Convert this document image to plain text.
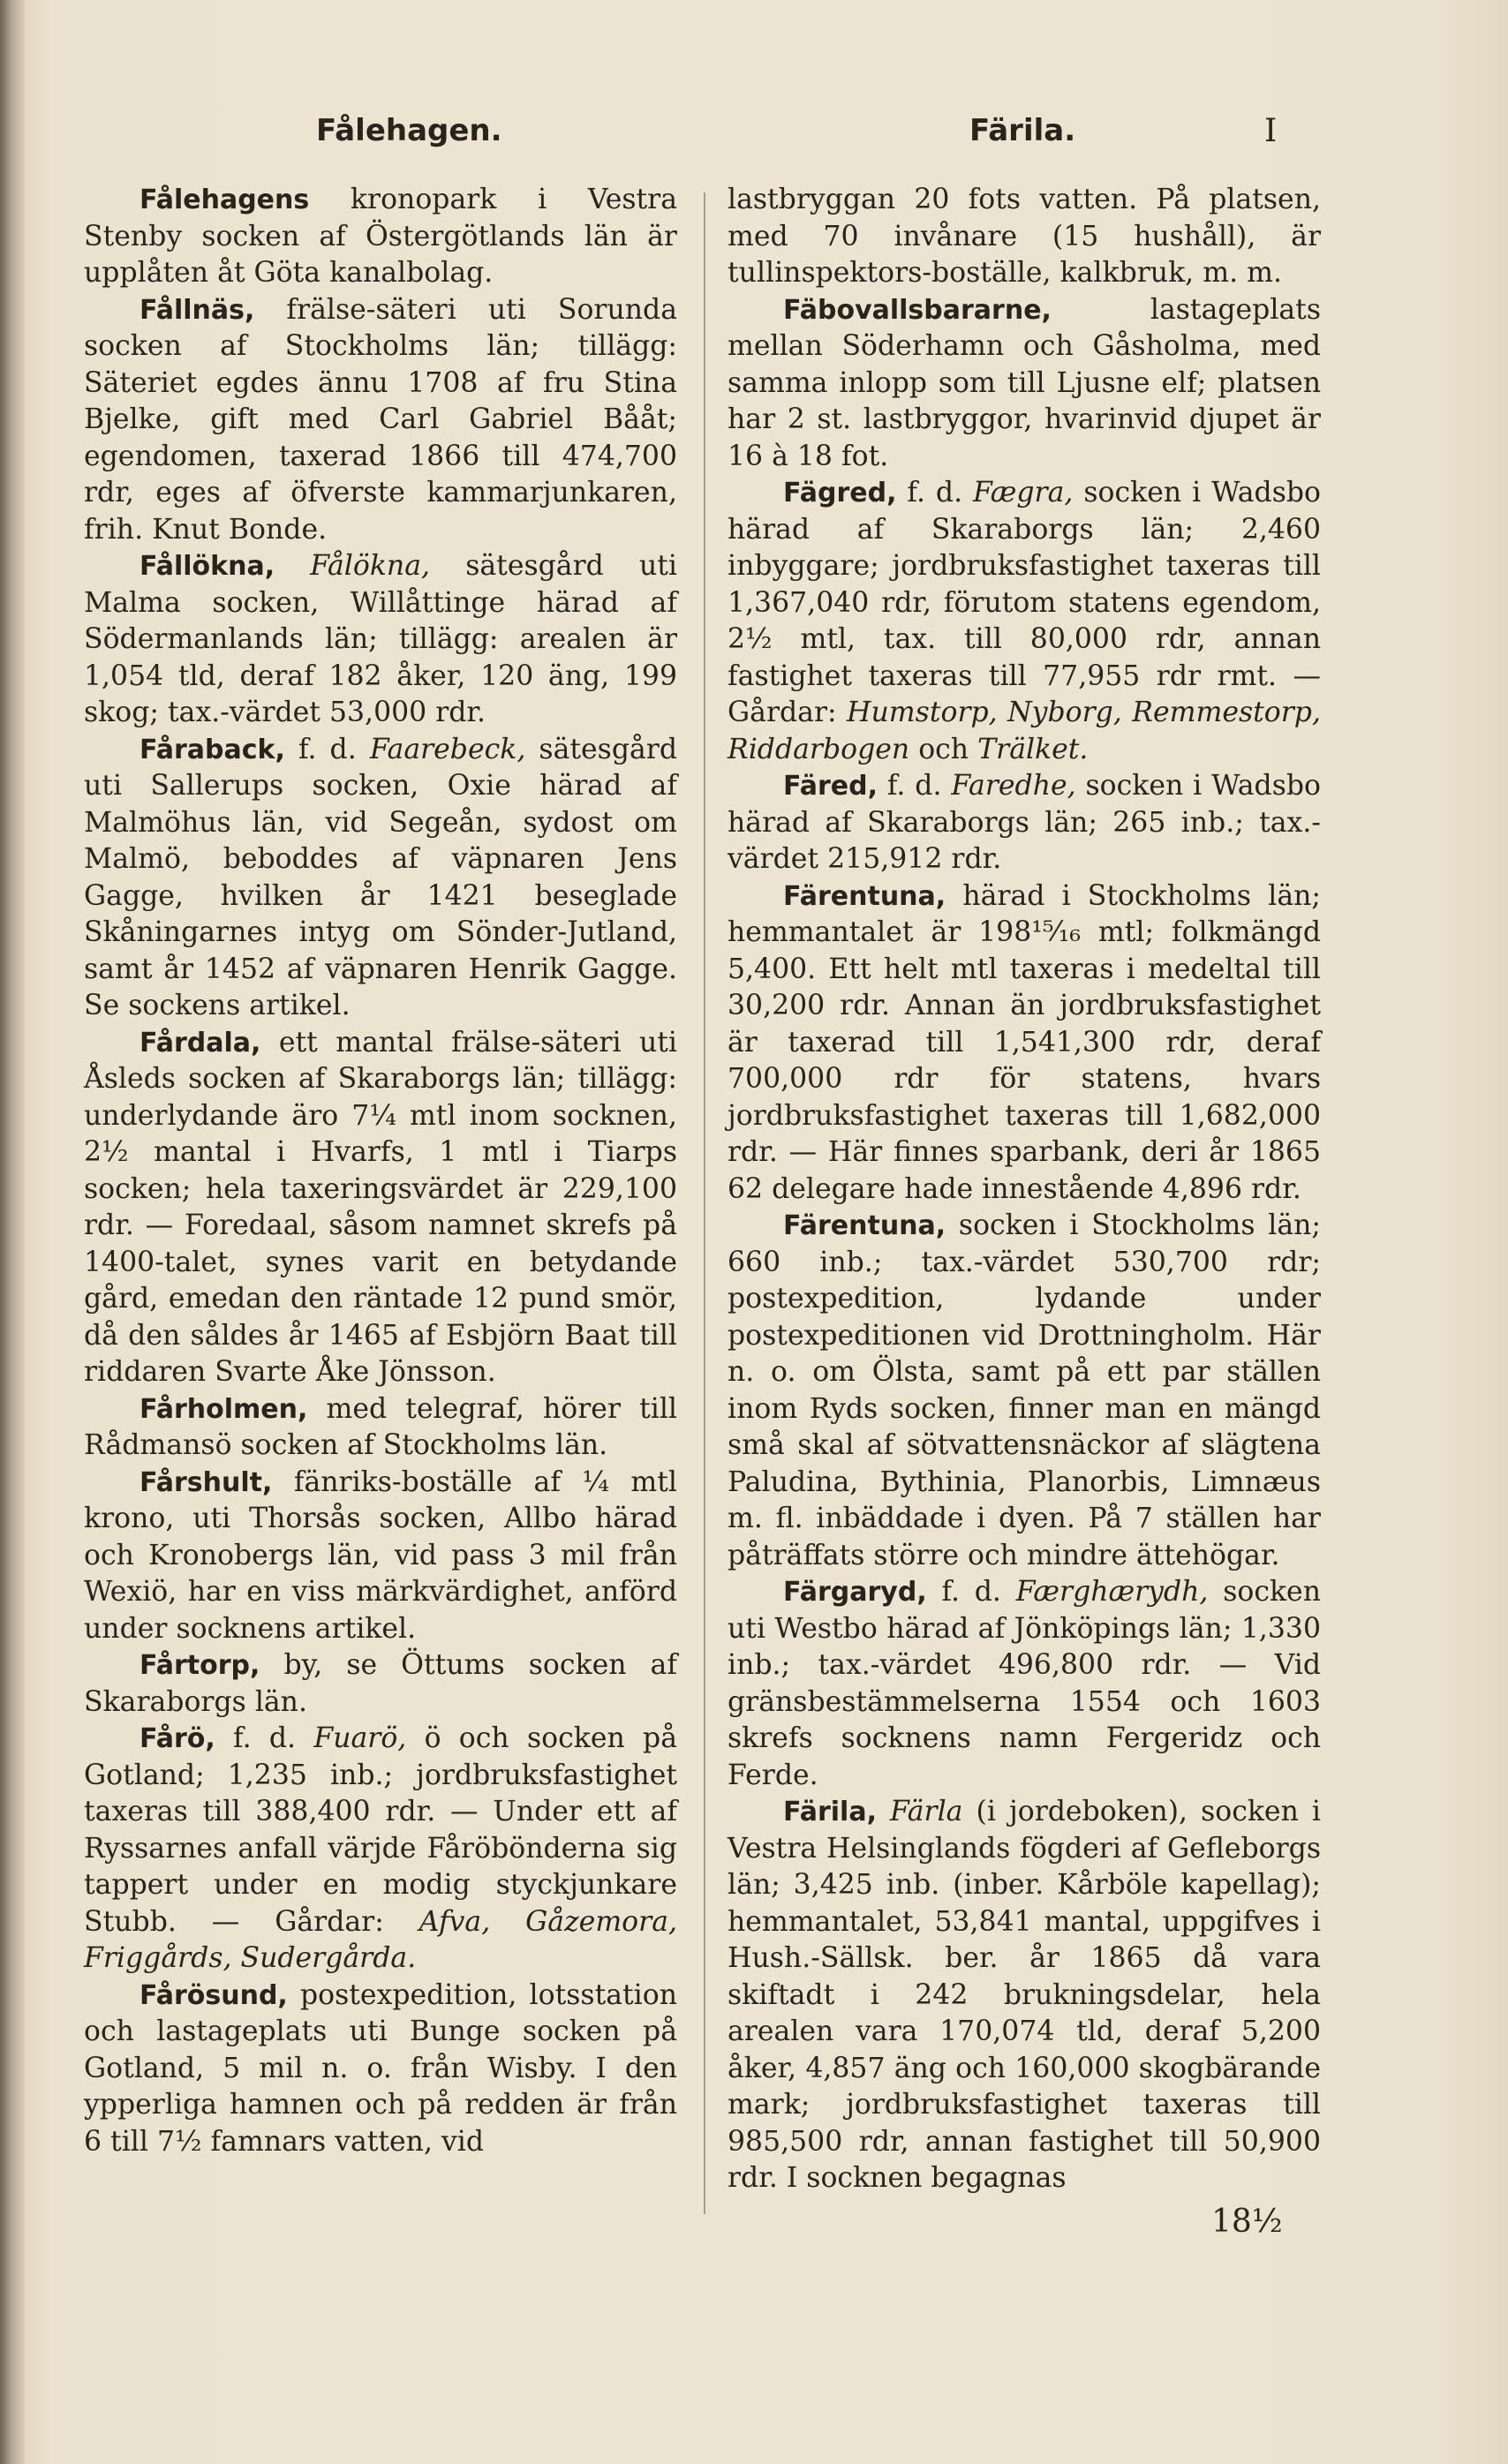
Fålehagen.	Färila.	I

Fålehagens kronopark i Vestra Stenby socken af Östergötlands län är upplåten åt Göta kanalbolag.

Fållnäs, frälse-säteri uti Sorunda socken af Stockholms län; tillägg: Säteriet egdes ännu 1708 af fru Stina Bjelke, gift med Carl Gabriel Bååt; egendomen, taxerad 1866 till 474,700 rdr, eges af öfverste kammarjunkaren, frih. Knut Bonde.

Fållökna, Fålökna, sätesgård uti Malma socken, Willåttinge härad af Södermanlands län; tillägg: arealen är 1,054 tld, deraf 182 åker, 120 äng, 199 skog; tax.-värdet 53,000 rdr.

Fåraback, f. d. Faarebeck, sätesgård uti Sallerups socken, Oxie härad af Malmöhus län, vid Segeån, sydost om Malmö, beboddes af väpnaren Jens Gagge, hvilken år 1421 beseglade Skåningarnes intyg om Sönder-Jutland, samt år 1452 af väpnaren Henrik Gagge. Se sockens artikel.

Fårdala, ett mantal frälse-säteri uti Åsleds socken af Skaraborgs län; tillägg: underlydande äro 7¼ mtl inom socknen, 2½ mantal i Hvarfs, 1 mtl i Tiarps socken; hela taxeringsvärdet är 229,100 rdr. — Foredaal, såsom namnet skrefs på 1400-talet, synes varit en betydande gård, emedan den räntade 12 pund smör, då den såldes år 1465 af Esbjörn Baat till riddaren Svarte Åke Jönsson.

Fårholmen, med telegraf, hörer till Rådmansö socken af Stockholms län.

Fårshult, fänriks-boställe af ¼ mtl krono, uti Thorsås socken, Allbo härad och Kronobergs län, vid pass 3 mil från Wexiö, har en viss märkvärdighet, anförd under socknens artikel.

Fårtorp, by, se Öttums socken af Skaraborgs län.

Fårö, f. d. Fuarö, ö och socken på Gotland; 1,235 inb.; jordbruksfastighet taxeras till 388,400 rdr. — Under ett af Ryssarnes anfall värjde Fåröbönderna sig tappert under en modig styckjunkare Stubb. — Gårdar: Afva, Gåzemora, Friggårds, Sudergårda.

Fårösund, postexpedition, lotsstation och lastageplats uti Bunge socken på Gotland, 5 mil n. o. från Wisby. I den ypperliga hamnen och på redden är från 6 till 7½ famnars vatten, vid

lastbryggan 20 fots vatten. På platsen, med 70 invånare (15 hushåll), är tullinspektors-boställe, kalkbruk, m. m.

Fäbovallsbararne, lastageplats mellan Söderhamn och Gåsholma, med samma inlopp som till Ljusne elf; platsen har 2 st. lastbryggor, hvarinvid djupet är 16 à 18 fot.

Fägred, f. d. Fægra, socken i Wadsbo härad af Skaraborgs län; 2,460 inbyggare; jordbruksfastighet taxeras till 1,367,040 rdr, förutom statens egendom, 2½ mtl, tax. till 80,000 rdr, annan fastighet taxeras till 77,955 rdr rmt. — Gårdar: Humstorp, Nyborg, Remmestorp, Riddarbogen och Trälket.

Färed, f. d. Faredhe, socken i Wadsbo härad af Skaraborgs län; 265 inb.; tax.-värdet 215,912 rdr.

Färentuna, härad i Stockholms län; hemmantalet är 198¹⁵⁄₁₆ mtl; folkmängd 5,400. Ett helt mtl taxeras i medeltal till 30,200 rdr. Annan än jordbruksfastighet är taxerad till 1,541,300 rdr, deraf 700,000 rdr för statens, hvars jordbruksfastighet taxeras till 1,682,000 rdr. — Här finnes sparbank, deri år 1865 62 delegare hade innestående 4,896 rdr.

Färentuna, socken i Stockholms län; 660 inb.; tax.-värdet 530,700 rdr; postexpedition, lydande under postexpeditionen vid Drottningholm. Här n. o. om Ölsta, samt på ett par ställen inom Ryds socken, finner man en mängd små skal af sötvattensnäckor af slägtena Paludina, Bythinia, Planorbis, Limnæus m. fl. inbäddade i dyen. På 7 ställen har påträffats större och mindre ättehögar.

Färgaryd, f. d. Færghærydh, socken uti Westbo härad af Jönköpings län; 1,330 inb.; tax.-värdet 496,800 rdr. — Vid gränsbestämmelserna 1554 och 1603 skrefs socknens namn Fergeridz och Ferde.

Färila, Färla (i jordeboken), socken i Vestra Helsinglands fögderi af Gefleborgs län; 3,425 inb. (inber. Kårböle kapellag); hemmantalet, 53,841 mantal, uppgifves i Hush.-Sällsk. ber. år 1865 då vara skiftadt i 242 brukningsdelar, hela arealen vara 170,074 tld, deraf 5,200 åker, 4,857 äng och 160,000 skogbärande mark; jordbruksfastighet taxeras till 985,500 rdr, annan fastighet till 50,900 rdr. I socknen begagnas

18½
